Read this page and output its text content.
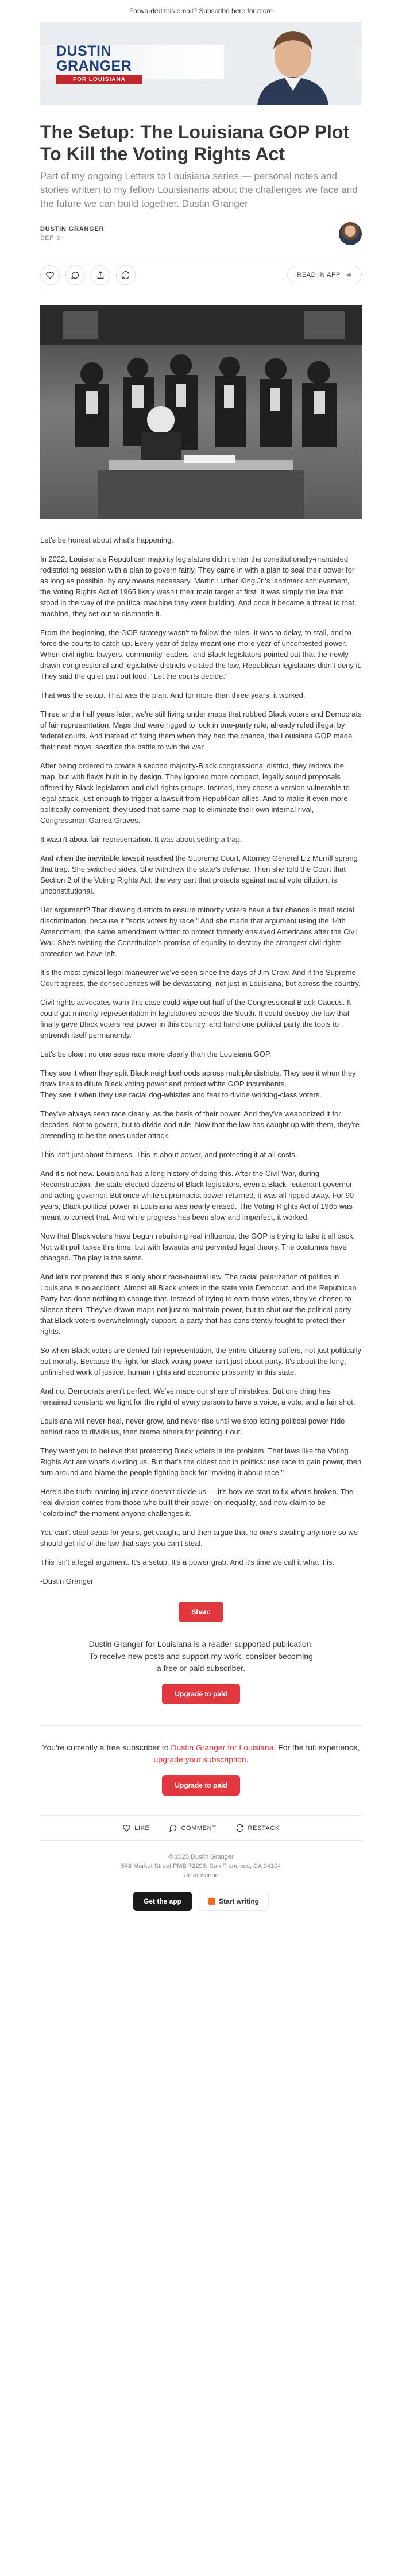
Forwarded this email? Subscribe here for more
DUSTIN GRANGER
FOR LOUISIANA
The Setup: The Louisiana GOP Plot To Kill the Voting Rights Act

Part of my ongoing Letters to Louisiana series — personal notes and stories written to my fellow Louisianans about the challenges we face and the future we can build together. Dustin Granger

DUSTIN GRANGER
SEP 3
READ IN APP

Let's be honest about what's happening.

In 2022, Louisiana's Republican majority legislature didn't enter the constitutionally-mandated redistricting session with a plan to govern fairly. They came in with a plan to seal their power for as long as possible, by any means necessary. Martin Luther King Jr.'s landmark achievement, the Voting Rights Act of 1965 likely wasn't their main target at first. It was simply the law that stood in the way of the political machine they were building. And once it became a threat to that machine, they set out to dismantle it.

From the beginning, the GOP strategy wasn't to follow the rules. It was to delay, to stall, and to force the courts to catch up. Every year of delay meant one more year of uncontested power. When civil rights lawyers, community leaders, and Black legislators pointed out that the newly drawn congressional and legislative districts violated the law, Republican legislators didn't deny it. They said the quiet part out loud: "Let the courts decide."

That was the setup. That was the plan. And for more than three years, it worked.

Three and a half years later, we're still living under maps that robbed Black voters and Democrats of fair representation. Maps that were rigged to lock in one-party rule, already ruled illegal by federal courts. And instead of fixing them when they had the chance, the Louisiana GOP made their next move: sacrifice the battle to win the war.

After being ordered to create a second majority-Black congressional district, they redrew the map, but with flaws built in by design. They ignored more compact, legally sound proposals offered by Black legislators and civil rights groups. Instead, they chose a version vulnerable to legal attack, just enough to trigger a lawsuit from Republican allies. And to make it even more politically convenient, they used that same map to eliminate their own internal rival, Congressman Garrett Graves.

It wasn't about fair representation. It was about setting a trap.

And when the inevitable lawsuit reached the Supreme Court, Attorney General Liz Murrill sprang that trap. She switched sides. She withdrew the state's defense. Then she told the Court that Section 2 of the Voting Rights Act, the very part that protects against racial vote dilution, is unconstitutional.

Her argument? That drawing districts to ensure minority voters have a fair chance is itself racial discrimination, because it "sorts voters by race." And she made that argument using the 14th Amendment, the same amendment written to protect formerly enslaved Americans after the Civil War. She's twisting the Constitution's promise of equality to destroy the strongest civil rights protection we have left.

It's the most cynical legal maneuver we've seen since the days of Jim Crow. And if the Supreme Court agrees, the consequences will be devastating, not just in Louisiana, but across the country.

Civil rights advocates warn this case could wipe out half of the Congressional Black Caucus. It could gut minority representation in legislatures across the South. It could destroy the law that finally gave Black voters real power in this country, and hand one political party the tools to entrench itself permanently.

Let's be clear: no one sees race more clearly than the Louisiana GOP.

They see it when they split Black neighborhoods across multiple districts. They see it when they draw lines to dilute Black voting power and protect white GOP incumbents.
They see it when they use racial dog-whistles and fear to divide working-class voters.

They've always seen race clearly, as the basis of their power. And they've weaponized it for decades. Not to govern, but to divide and rule. Now that the law has caught up with them, they're pretending to be the ones under attack.

This isn't just about fairness. This is about power, and protecting it at all costs.

And it's not new. Louisiana has a long history of doing this. After the Civil War, during Reconstruction, the state elected dozens of Black legislators, even a Black lieutenant governor and acting governor. But once white supremacist power returned, it was all ripped away. For 90 years, Black political power in Louisiana was nearly erased. The Voting Rights Act of 1965 was meant to correct that. And while progress has been slow and imperfect, it worked.

Now that Black voters have begun rebuilding real influence, the GOP is trying to take it all back. Not with poll taxes this time, but with lawsuits and perverted legal theory. The costumes have changed. The play is the same.

And let's not pretend this is only about race-neutral law. The racial polarization of politics in Louisiana is no accident. Almost all Black voters in the state vote Democrat, and the Republican Party has done nothing to change that. Instead of trying to earn those votes, they've chosen to silence them. They've drawn maps not just to maintain power, but to shut out the political party that Black voters overwhelmingly support, a party that has consistently fought to protect their rights.

So when Black voters are denied fair representation, the entire citizenry suffers, not just politically but morally. Because the fight for Black voting power isn't just about party. It's about the long, unfinished work of justice, human rights and economic prosperity in this state.

And no, Democrats aren't perfect. We've made our share of mistakes. But one thing has remained constant: we fight for the right of every person to have a voice, a vote, and a fair shot.

Louisiana will never heal, never grow, and never rise until we stop letting political power hide behind race to divide us, then blame others for pointing it out.

They want you to believe that protecting Black voters is the problem. That laws like the Voting Rights Act are what's dividing us. But that's the oldest con in politics: use race to gain power, then turn around and blame the people fighting back for "making it about race."

Here's the truth: naming injustice doesn't divide us — it's how we start to fix what's broken. The real division comes from those who built their power on inequality, and now claim to be "colorblind" the moment anyone challenges it.

You can't steal seats for years, get caught, and then argue that no one's stealing anymore so we should get rid of the law that says you can't steal.

This isn't a legal argument. It's a setup. It's a power grab. And it's time we call it what it is.

-Dustin Granger

Share

Dustin Granger for Louisiana is a reader-supported publication. To receive new posts and support my work, consider becoming a free or paid subscriber.

Upgrade to paid

You're currently a free subscriber to Dustin Granger for Louisiana. For the full experience, upgrade your subscription.

Upgrade to paid
LIKE	COMMENT	RESTACK
© 2025 Dustin Granger
548 Market Street PMB 72296, San Francisco, CA 94104
Unsubscribe
Get the app	Start writing
